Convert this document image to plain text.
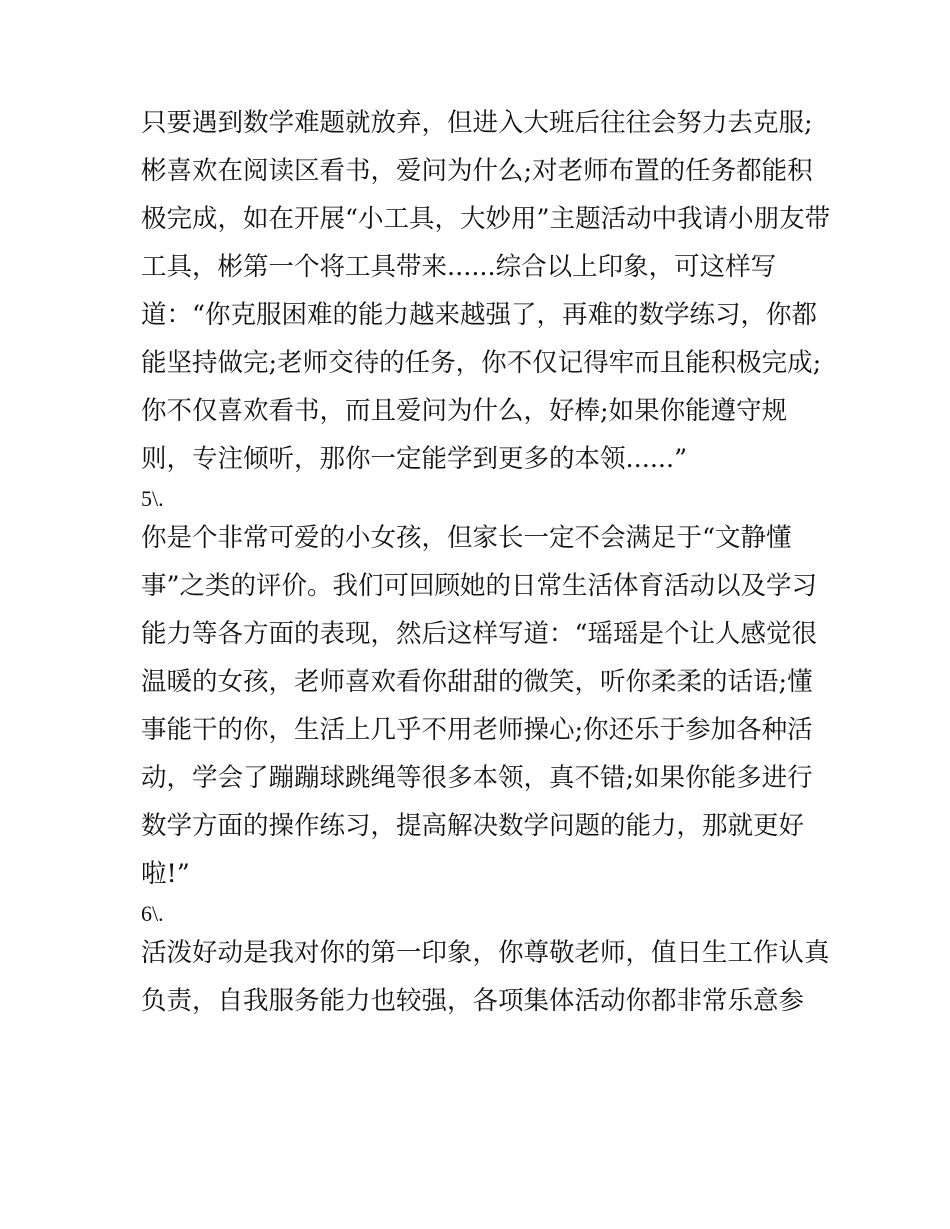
只要遇到数学难题就放弃，但进入大班后往往会努力去克服;
彬喜欢在阅读区看书，爱问为什么;对老师布置的任务都能积
极完成，如在开展“小工具，大妙用”主题活动中我请小朋友带
工具，彬第一个将工具带来......综合以上印象，可这样写
道：“你克服困难的能力越来越强了，再难的数学练习，你都
能坚持做完;老师交待的任务，你不仅记得牢而且能积极完成;
你不仅喜欢看书，而且爱问为什么，好棒;如果你能遵守规
则，专注倾听，那你一定能学到更多的本领......”
5\.
你是个非常可爱的小女孩，但家长一定不会满足于“文静懂
事”之类的评价。我们可回顾她的日常生活体育活动以及学习
能力等各方面的表现，然后这样写道：“瑶瑶是个让人感觉很
温暖的女孩，老师喜欢看你甜甜的微笑，听你柔柔的话语;懂
事能干的你，生活上几乎不用老师操心;你还乐于参加各种活
动，学会了蹦蹦球跳绳等很多本领，真不错;如果你能多进行
数学方面的操作练习，提高解决数学问题的能力，那就更好
啦!”
6\.
活泼好动是我对你的第一印象，你尊敬老师，值日生工作认真
负责，自我服务能力也较强，各项集体活动你都非常乐意参
